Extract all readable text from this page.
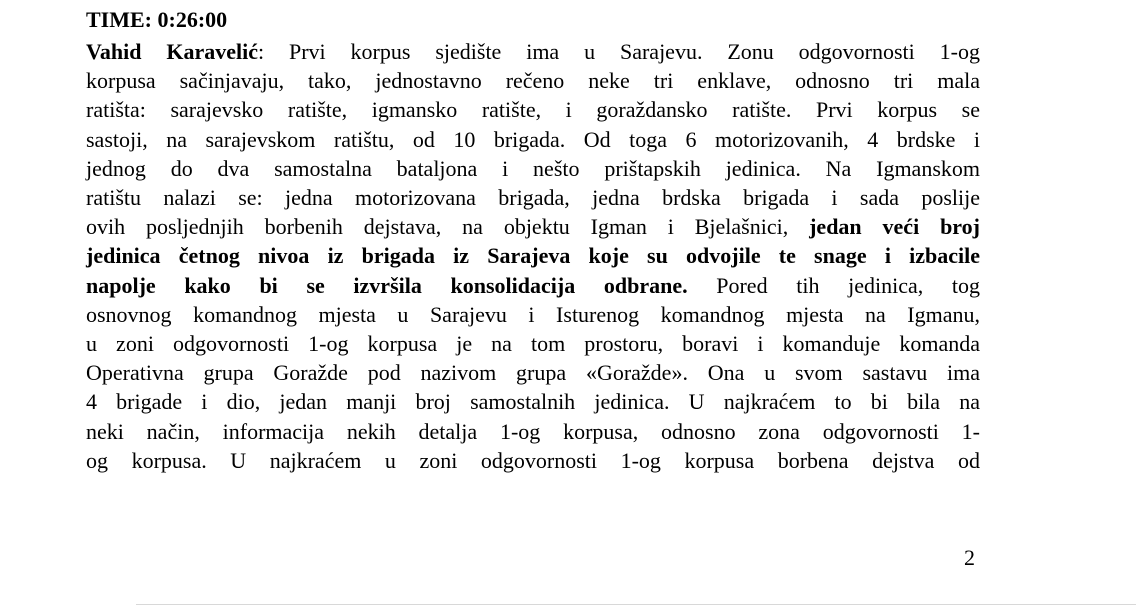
TIME: 0:26:00
Vahid Karavelić: Prvi korpus sjedište ima u Sarajevu. Zonu odgovornosti 1-og
korpusa sačinjavaju, tako, jednostavno rečeno neke tri enklave, odnosno tri mala
ratišta: sarajevsko ratište, igmansko ratište, i goraždansko ratište. Prvi korpus se
sastoji, na sarajevskom ratištu, od 10 brigada. Od toga 6 motorizovanih, 4 brdske i
jednog do dva samostalna bataljona i nešto prištapskih jedinica. Na Igmanskom
ratištu nalazi se: jedna motorizovana brigada, jedna brdska brigada i sada poslije
ovih posljednjih borbenih dejstava, na objektu Igman i Bjelašnici, jedan veći broj
jedinica četnog nivoa iz brigada iz Sarajeva koje su odvojile te snage i izbacile
napolje kako bi se izvršila konsolidacija odbrane. Pored tih jedinica, tog
osnovnog komandnog mjesta u Sarajevu i Isturenog komandnog mjesta na Igmanu,
u zoni odgovornosti 1-og korpusa je na tom prostoru, boravi i komanduje komanda
Operativna grupa Goražde pod nazivom grupa «Goražde». Ona u svom sastavu ima
4 brigade i dio, jedan manji broj samostalnih jedinica. U najkraćem to bi bila na
neki način, informacija nekih detalja 1-og korpusa, odnosno zona odgovornosti 1-
og korpusa. U najkraćem u zoni odgovornosti 1-og korpusa borbena dejstva od
2
